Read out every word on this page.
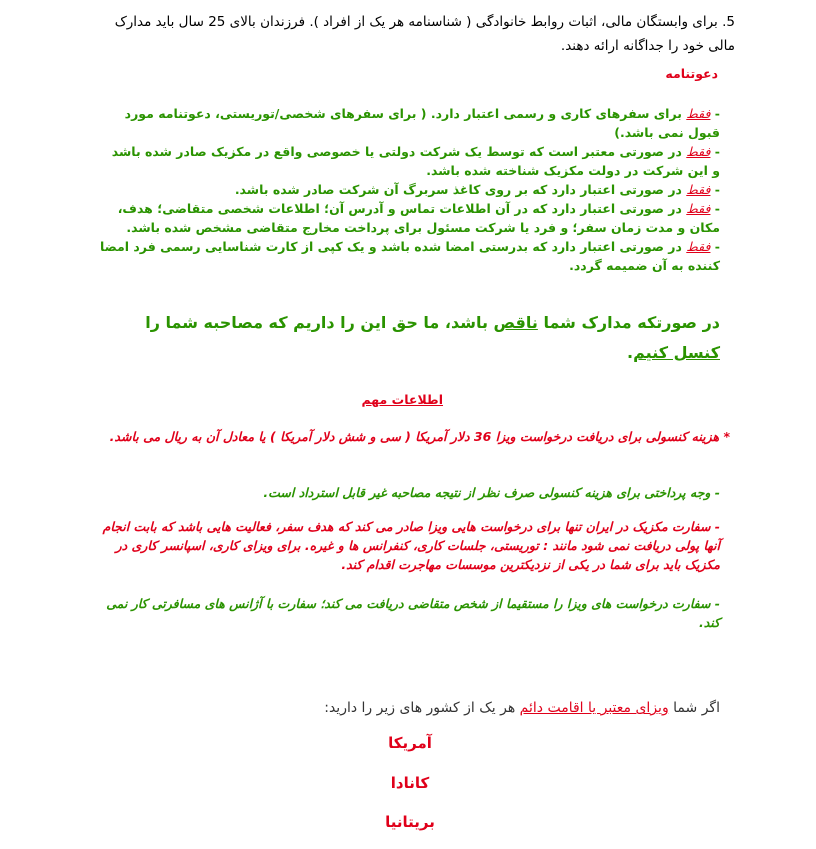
5. برای وابستگان مالی، اثبات روابط خانوادگی ( شناسنامه هر یک از افراد ). فرزندان بالای 25 سال باید مدارک مالی خود را جداگانه ارائه دهند.
دعوتنامه
- فقط برای سفرهای کاری و رسمی اعتبار دارد. ( برای سفرهای شخصی/توریستی، دعوتنامه مورد قبول نمی باشد.)
- فقط در صورتی معتبر است که توسط یک شرکت دولتی یا خصوصی واقع در مکزیک صادر شده باشد و این شرکت در دولت مکزیک شناخته شده باشد.
- فقط در صورتی اعتبار دارد که بر روی کاغذ سربرگ آن شرکت صادر شده باشد.
- فقط در صورتی اعتبار دارد که در آن اطلاعات تماس و آدرس آن؛ اطلاعات شخصی متقاضی؛ هدف، مکان و مدت زمان سفر؛ و فرد یا شرکت مسئول برای پرداخت مخارج متقاضی مشخص شده باشد.
- فقط در صورتی اعتبار دارد که بدرستی امضا شده باشد و یک کپی از کارت شناسایی رسمی فرد امضا کننده به آن ضمیمه گردد.
در صورتکه مدارک شما ناقص باشد، ما حق این را داریم که مصاحبه شما را کنسل کنیم.
اطلاعات مهم
* هزینه کنسولی برای دریافت درخواست ویزا 36 دلار آمریکا ( سی و شش دلار آمریکا ) یا معادل آن به ریال می باشد.
- وجه پرداختی برای هزینه کنسولی صرف نظر از نتیجه مصاحبه غیر قابل استرداد است.
- سفارت مکزیک در ایران تنها برای درخواست هایی ویزا صادر می کند که هدف سفر، فعالیت هایی باشد که بابت انجام آنها پولی دریافت نمی شود مانند : توریستی، جلسات کاری، کنفرانس ها و غیره. برای ویزای کاری، اسپانسر کاری در مکزیک باید برای شما در یکی از نزدیکترین موسسات مهاجرت اقدام کند.
- سفارت درخواست های ویزا را مستقیما از شخص متقاضی دریافت می کند؛ سفارت با آژانس های مسافرتی کار نمی کند.
اگر شما ویزای معتبر یا اقامت دائم هر یک از کشور های زیر را دارید:
آمریکا
کانادا
بریتانیا
